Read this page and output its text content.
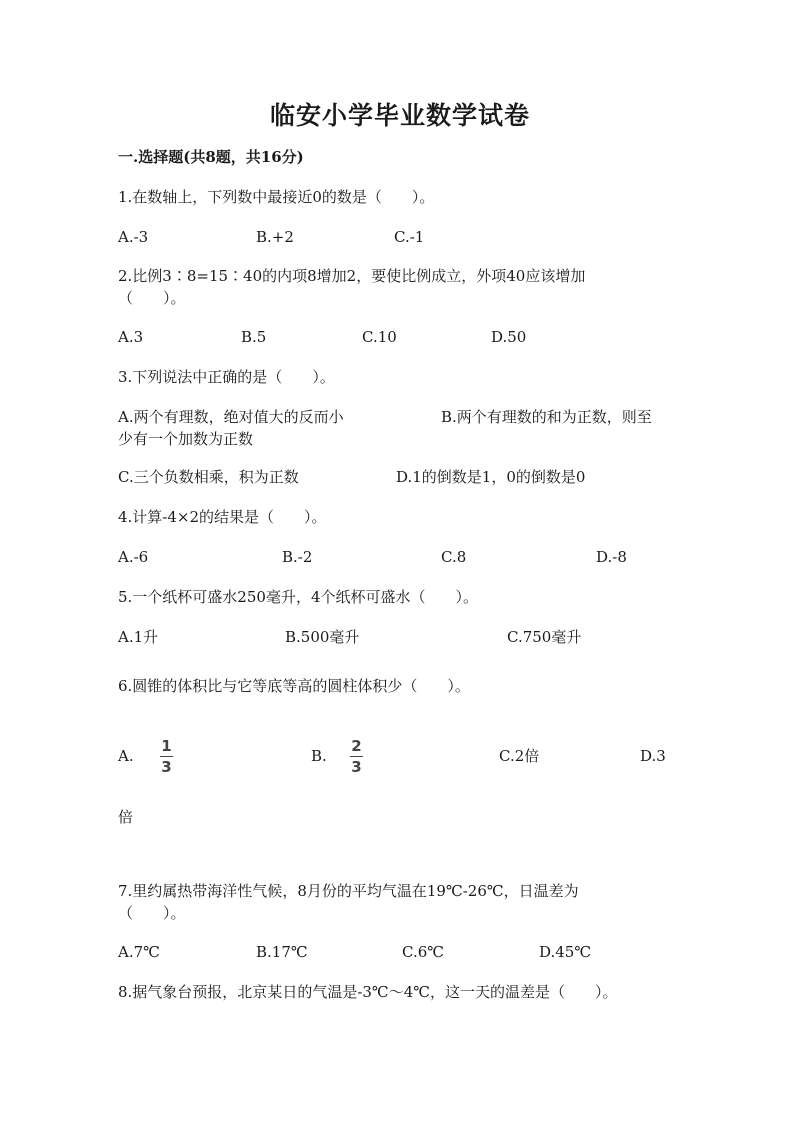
临安小学毕业数学试卷
一.选择题(共8题，共16分)
1.在数轴上，下列数中最接近0的数是（　　）。
A.-3	B.+2	C.-1
2.比例3∶8=15∶40的内项8增加2，要使比例成立，外项40应该增加
（　　）。
A.3	B.5	C.10	D.50
3.下列说法中正确的是（　　）。
A.两个有理数，绝对值大的反而小	B.两个有理数的和为正数，则至
少有一个加数为正数
C.三个负数相乘，积为正数	D.1的倒数是1，0的倒数是0
4.计算-4×2的结果是（　　）。
A.-6	B.-2	C.8	D.-8
5.一个纸杯可盛水250毫升，4个纸杯可盛水（　　）。
A.1升	B.500毫升	C.750毫升
6.圆锥的体积比与它等底等高的圆柱体积少（　　）。
A.
1
3
B.
2
3
C.2倍	D.3
倍
7.里约属热带海洋性气候，8月份的平均气温在19℃-26℃，日温差为
（　　）。
A.7℃	B.17℃	C.6℃	D.45℃
8.据气象台预报，北京某日的气温是-3℃～4℃，这一天的温差是（　　）。
